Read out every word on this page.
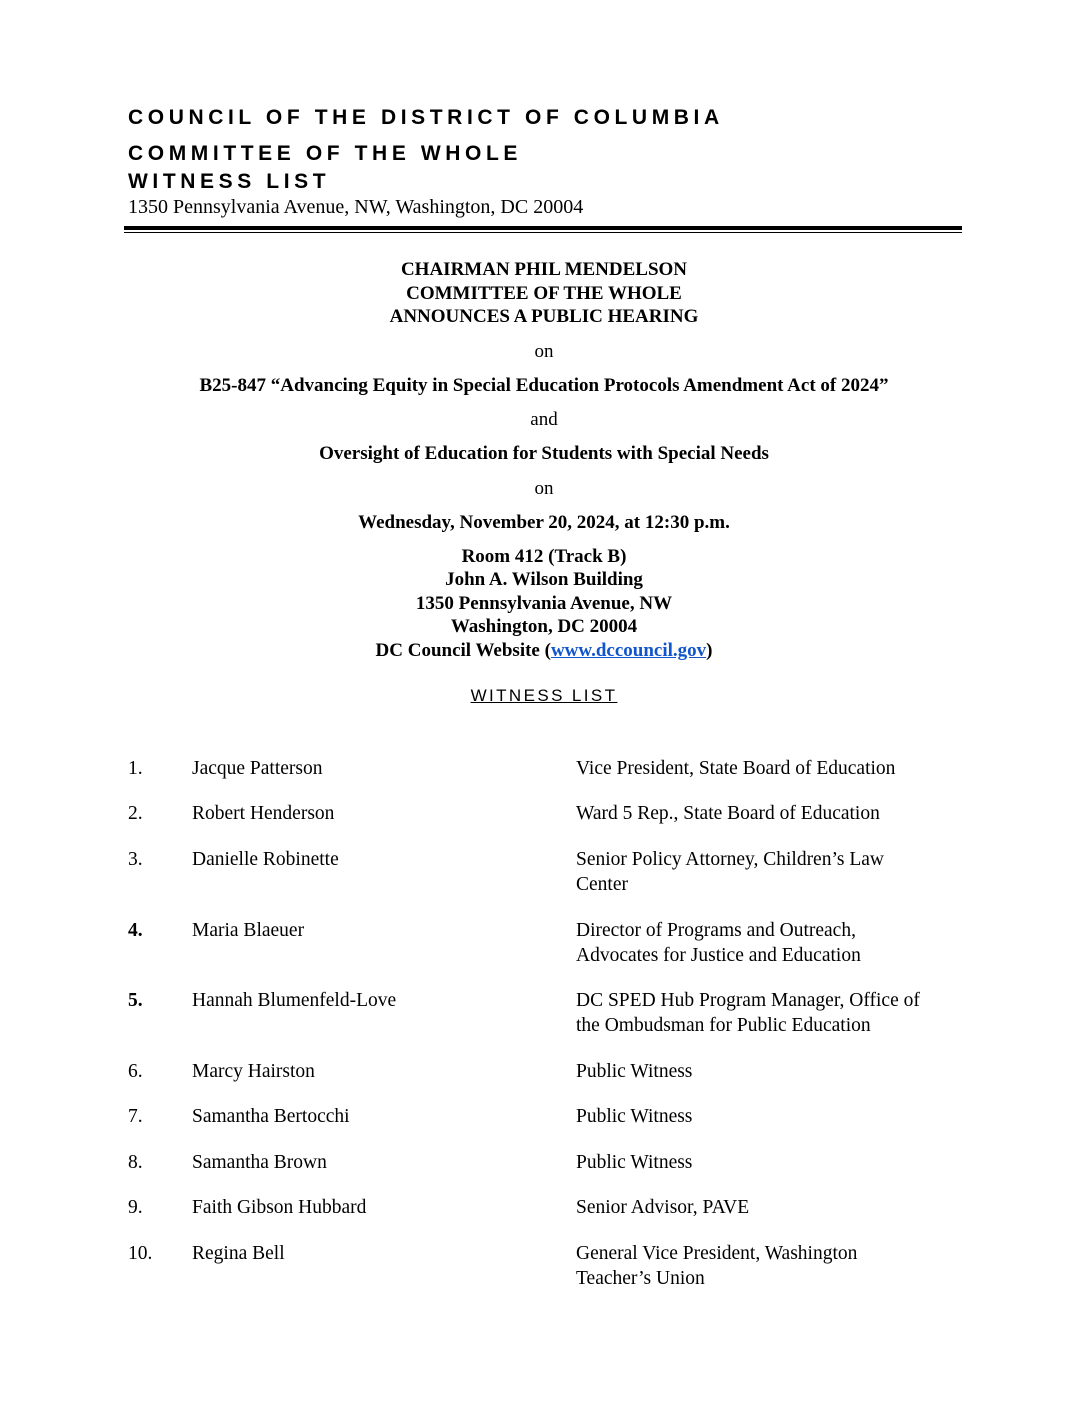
COUNCIL OF THE DISTRICT OF COLUMBIA
COMMITTEE OF THE WHOLE
WITNESS LIST
1350 Pennsylvania Avenue, NW, Washington, DC 20004
CHAIRMAN PHIL MENDELSON
COMMITTEE OF THE WHOLE
ANNOUNCES A PUBLIC HEARING
on
B25-847 “Advancing Equity in Special Education Protocols Amendment Act of 2024”
and
Oversight of Education for Students with Special Needs
on
Wednesday, November 20, 2024, at 12:30 p.m.
Room 412 (Track B)
John A. Wilson Building
1350 Pennsylvania Avenue, NW
Washington, DC 20004
DC Council Website (www.dccouncil.gov)
WITNESS LIST
1.	Jacque Patterson	Vice President, State Board of Education
2.	Robert Henderson	Ward 5 Rep., State Board of Education
3.	Danielle Robinette	Senior Policy Attorney, Children’s Law
Center
4.	Maria Blaeuer	Director of Programs and Outreach,
Advocates for Justice and Education
5.	Hannah Blumenfeld-Love	DC SPED Hub Program Manager, Office of
the Ombudsman for Public Education
6.	Marcy Hairston	Public Witness
7.	Samantha Bertocchi	Public Witness
8.	Samantha Brown	Public Witness
9.	Faith Gibson Hubbard	Senior Advisor, PAVE
10. Regina Bell	General Vice President, Washington
Teacher’s Union
